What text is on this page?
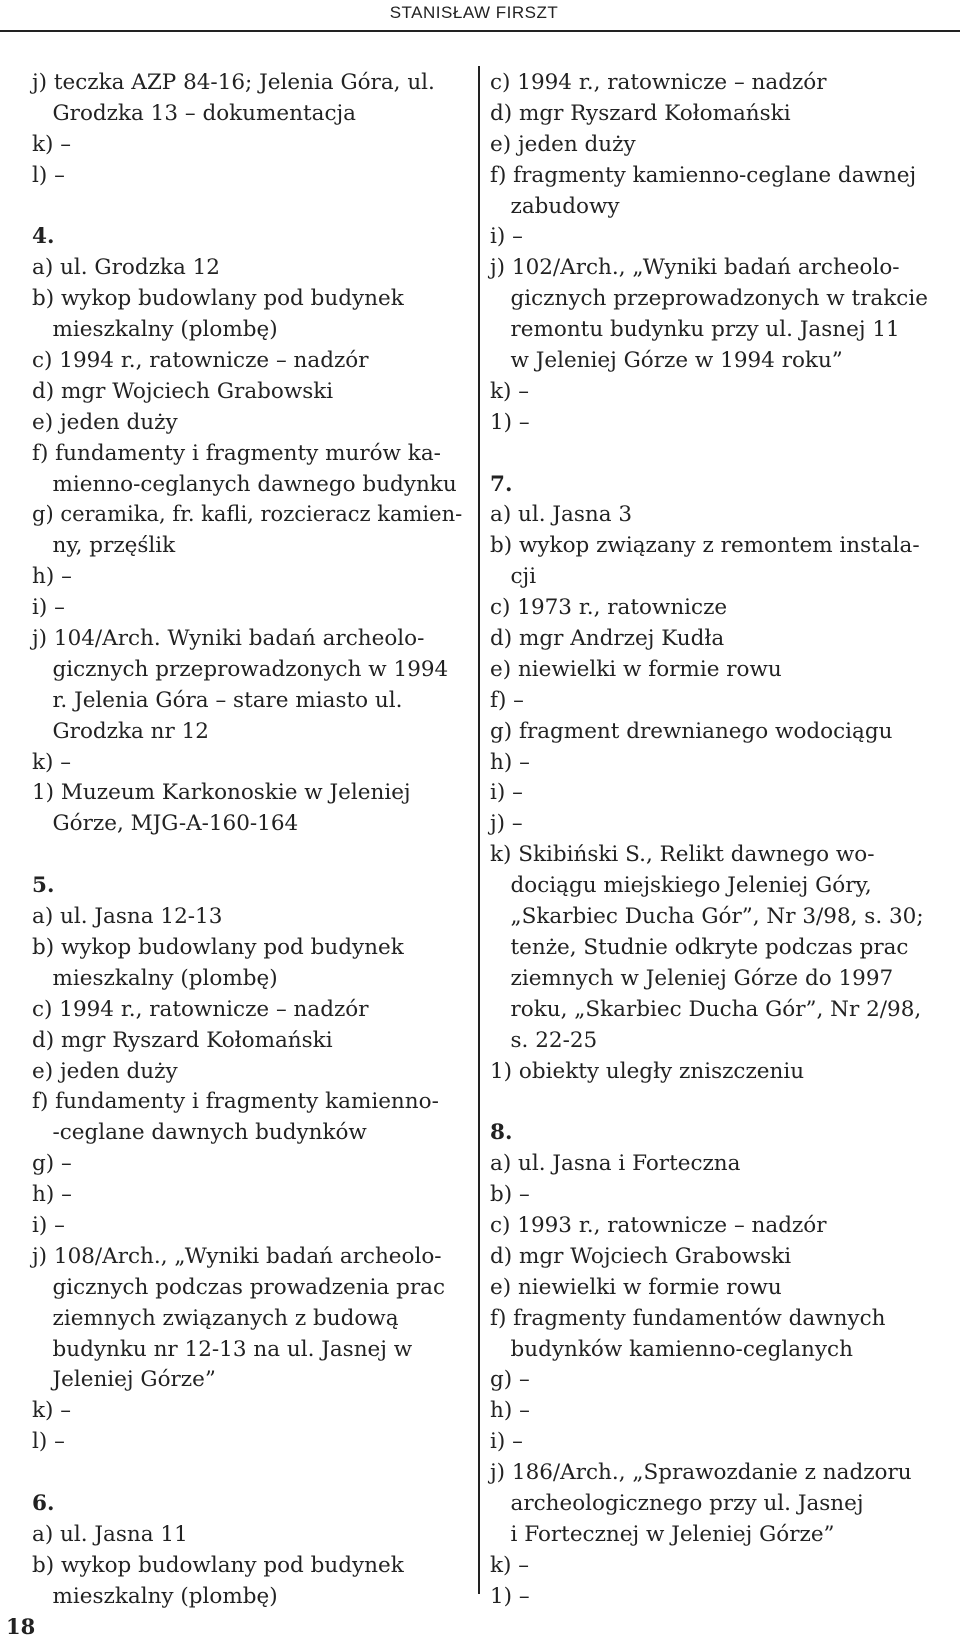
STANISŁAW FIRSZT
j) teczka AZP 84-16; Jelenia Góra, ul.
Grodzka 13 – dokumentacja
k) –
l) –
4.
a) ul. Grodzka 12
b) wykop budowlany pod budynek
mieszkalny (plombę)
c) 1994 r., ratownicze – nadzór
d) mgr Wojciech Grabowski
e) jeden duży
f) fundamenty i fragmenty murów ka-
mienno-ceglanych dawnego budynku
g) ceramika, fr. kafli, rozcieracz kamien-
ny, przęślik
h) –
i) –
j) 104/Arch. Wyniki badań archeolo-
gicznych przeprowadzonych w 1994
r. Jelenia Góra – stare miasto ul.
Grodzka nr 12
k) –
1) Muzeum Karkonoskie w Jeleniej
Górze, MJG-A-160-164
5.
a) ul. Jasna 12-13
b) wykop budowlany pod budynek
mieszkalny (plombę)
c) 1994 r., ratownicze – nadzór
d) mgr Ryszard Kołomański
e) jeden duży
f) fundamenty i fragmenty kamienno-
-ceglane dawnych budynków
g) –
h) –
i) –
j) 108/Arch., „Wyniki badań archeolo-
gicznych podczas prowadzenia prac
ziemnych związanych z budową
budynku nr 12-13 na ul. Jasnej w
Jeleniej Górze”
k) –
l) –
6.
a) ul. Jasna 11
b) wykop budowlany pod budynek
mieszkalny (plombę)
c) 1994 r., ratownicze – nadzór
d) mgr Ryszard Kołomański
e) jeden duży
f) fragmenty kamienno-ceglane dawnej
zabudowy
i) –
j) 102/Arch., „Wyniki badań archeolo-
gicznych przeprowadzonych w trakcie
remontu budynku przy ul. Jasnej 11
w Jeleniej Górze w 1994 roku”
k) –
1) –
7.
a) ul. Jasna 3
b) wykop związany z remontem instala-
cji
c) 1973 r., ratownicze
d) mgr Andrzej Kudła
e) niewielki w formie rowu
f) –
g) fragment drewnianego wodociągu
h) –
i) –
j) –
k) Skibiński S., Relikt dawnego wo-
dociągu miejskiego Jeleniej Góry,
„Skarbiec Ducha Gór”, Nr 3/98, s. 30;
tenże, Studnie odkryte podczas prac
ziemnych w Jeleniej Górze do 1997
roku, „Skarbiec Ducha Gór”, Nr 2/98,
s. 22-25
1) obiekty uległy zniszczeniu
8.
a) ul. Jasna i Forteczna
b) –
c) 1993 r., ratownicze – nadzór
d) mgr Wojciech Grabowski
e) niewielki w formie rowu
f) fragmenty fundamentów dawnych
budynków kamienno-ceglanych
g) –
h) –
i) –
j) 186/Arch., „Sprawozdanie z nadzoru
archeologicznego przy ul. Jasnej
i Fortecznej w Jeleniej Górze”
k) –
1) –
18
